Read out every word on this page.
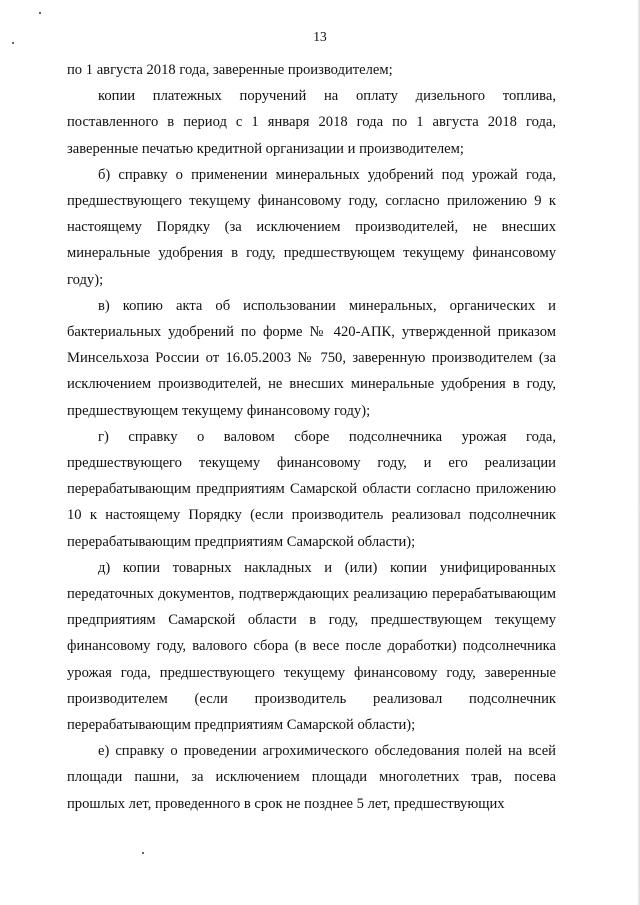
13

по 1 августа 2018 года, заверенные производителем;

копии платежных поручений на оплату дизельного топлива, поставленного в период с 1 января 2018 года по 1 августа 2018 года, заверенные печатью кредитной организации и производителем;

б) справку о применении минеральных удобрений под урожай года, предшествующего текущему финансовому году, согласно приложению 9 к настоящему Порядку (за исключением производителей, не внесших минеральные удобрения в году, предшествующем текущему финансовому году);

в) копию акта об использовании минеральных, органических и бактериальных удобрений по форме № 420-АПК, утвержденной приказом Минсельхоза России от 16.05.2003 № 750, заверенную производителем (за исключением производителей, не внесших минеральные удобрения в году, предшествующем текущему финансовому году);

г) справку о валовом сборе подсолнечника урожая года, предшествующего текущему финансовому году, и его реализации перерабатывающим предприятиям Самарской области согласно приложению 10 к настоящему Порядку (если производитель реализовал подсолнечник перерабатывающим предприятиям Самарской области);

д) копии товарных накладных и (или) копии унифицированных передаточных документов, подтверждающих реализацию перерабатывающим предприятиям Самарской области в году, предшествующем текущему финансовому году, валового сбора (в весе после доработки) подсолнечника урожая года, предшествующего текущему финансовому году, заверенные производителем (если производитель реализовал подсолнечник перерабатывающим предприятиям Самарской области);

е) справку о проведении агрохимического обследования полей на всей площади пашни, за исключением площади многолетних трав, посева прошлых лет, проведенного в срок не позднее 5 лет, предшествующих
